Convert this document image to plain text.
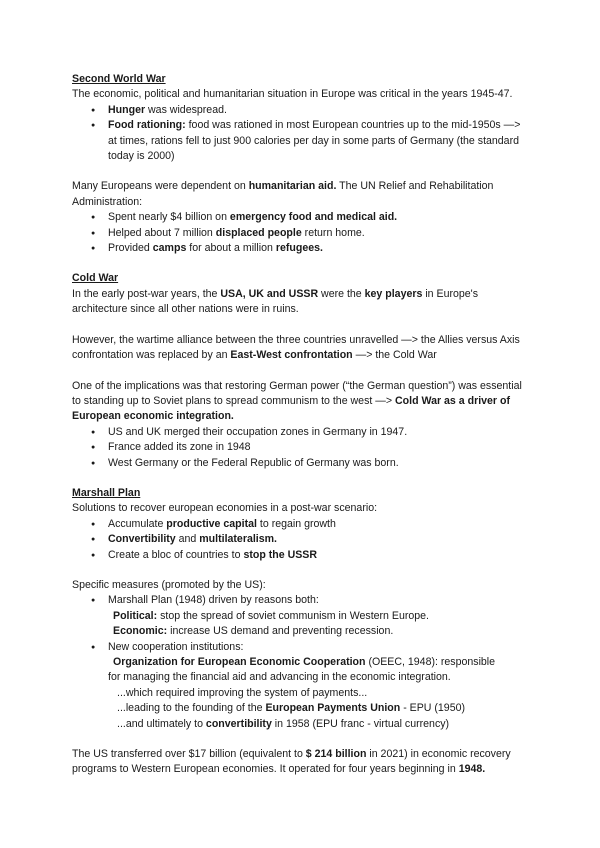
Second World War

The economic, political and humanitarian situation in Europe was critical in the years 1945-47.

● Hunger was widespread.
● Food rationing: food was rationed in most European countries up to the mid-1950s —> at times, rations fell to just 900 calories per day in some parts of Germany (the standard today is 2000)

Many Europeans were dependent on humanitarian aid. The UN Relief and Rehabilitation Administration:

● Spent nearly $4 billion on emergency food and medical aid.
● Helped about 7 million displaced people return home.
● Provided camps for about a million refugees.

Cold War

In the early post-war years, the USA, UK and USSR were the key players in Europe's architecture since all other nations were in ruins.

However, the wartime alliance between the three countries unravelled —> the Allies versus Axis confrontation was replaced by an East-West confrontation —> the Cold War

One of the implications was that restoring German power (“the German question”) was essential to standing up to Soviet plans to spread communism to the west —> Cold War as a driver of European economic integration.

● US and UK merged their occupation zones in Germany in 1947.
● France added its zone in 1948
● West Germany or the Federal Republic of Germany was born.

Marshall Plan

Solutions to recover european economies in a post-war scenario:

● Accumulate productive capital to regain growth
● Convertibility and multilateralism.
● Create a bloc of countries to stop the USSR

Specific measures (promoted by the US):

● Marshall Plan (1948) driven by reasons both:

Political: stop the spread of soviet communism in Western Europe.

Economic: increase US demand and preventing recession.

● New cooperation institutions:

Organization for European Economic Cooperation (OEEC, 1948): responsible

for managing the financial aid and advancing in the economic integration.

...which required improving the system of payments...

...leading to the founding of the European Payments Union - EPU (1950)

...and ultimately to convertibility in 1958 (EPU franc - virtual currency)

The US transferred over $17 billion (equivalent to $ 214 billion in 2021) in economic recovery programs to Western European economies. It operated for four years beginning in 1948.
